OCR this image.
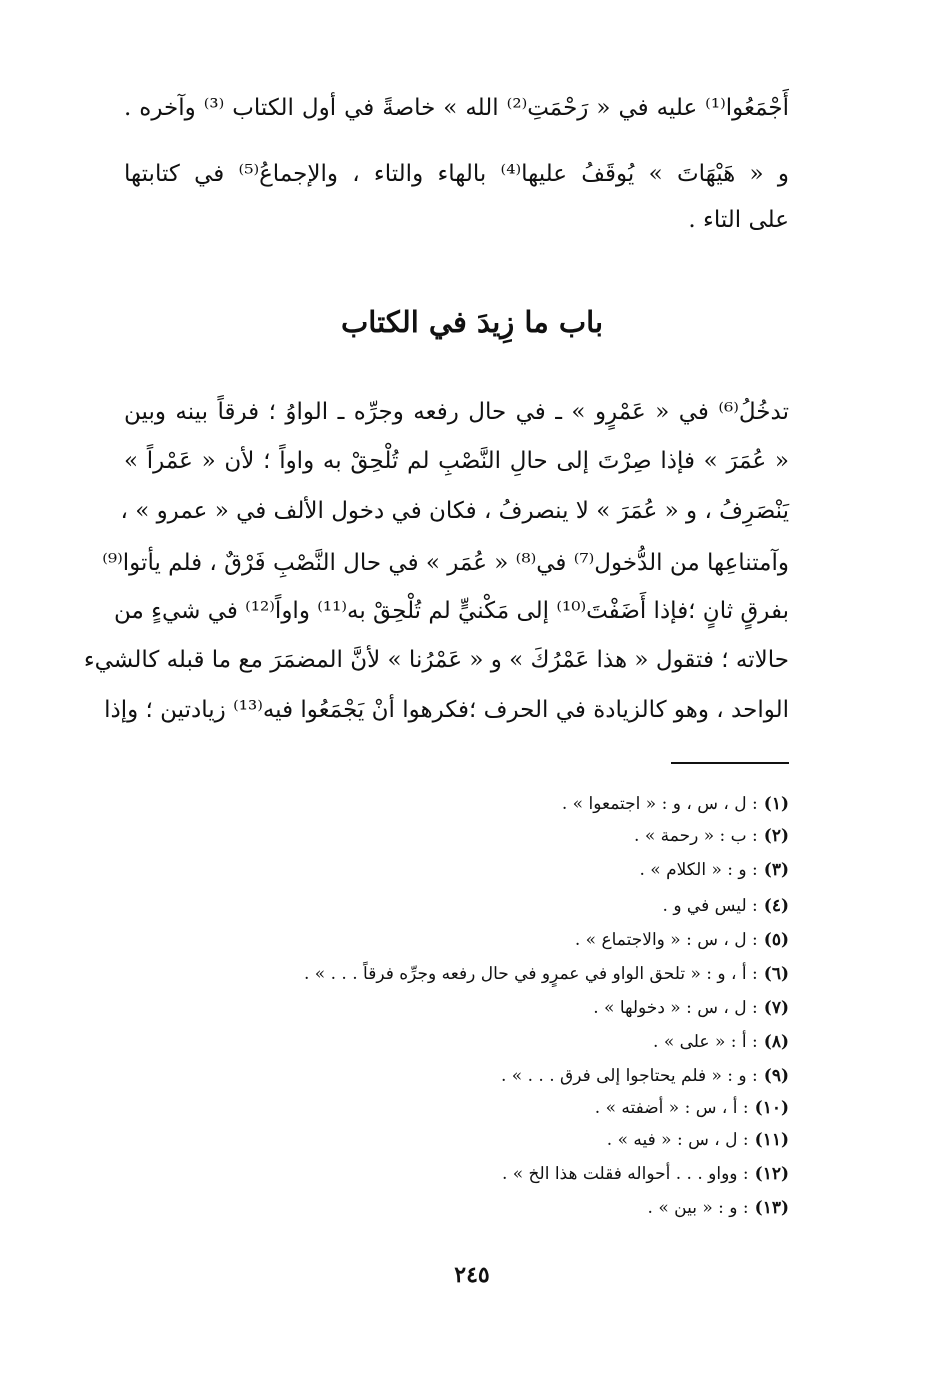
أَجْمَعُوا⁽¹⁾ عليه في « رَحْمَتِ⁽²⁾ الله » خاصةً في أول الكتاب ⁽³⁾ وآخره .
و « هَيْهَاتَ » يُوقَفُ عليها⁽⁴⁾ بالهاء والتاء ، والإجماعُ⁽⁵⁾ في كتابتها
على التاء .
باب ما زِيدَ في الكتاب
تدخُلُ⁽⁶⁾ في « عَمْرٍو » ـ في حال رفعه وجرِّه ـ الواوُ ؛ فرقاً بينه وبين
« عُمَرَ » فإذا صِرْتَ إلى حالِ النَّصْبِ لم تُلْحِقْ به واواً ؛ لأن « عَمْراً »
يَنْصَرِفُ ، و « عُمَرَ » لا ينصرفُ ، فكان في دخول الألف في « عمرو » ،
وآمتناعِها من الدُّخول⁽⁷⁾ في⁽⁸⁾ « عُمَر » في حال النَّصْبِ فَرْقٌ ، فلم يأتوا⁽⁹⁾
بفرقٍ ثانٍ ؛فإذا أَضَفْتَ⁽¹⁰⁾ إلى مَكْنيٍّ لم تُلْحِقْ به⁽¹¹⁾ واواً⁽¹²⁾ في شيءٍ من
حالاته ؛ فتقول « هذا عَمْرُكَ » و « عَمْرُنا » لأنَّ المضمَرَ مع ما قبله كالشيء
الواحد ، وهو كالزيادة في الحرف ؛فكرهوا أنْ يَجْمَعُوا فيه⁽¹³⁾ زيادتين ؛ وإذا
(١): ل ، س ، و : « اجتمعوا » .
(٢): ب : « رحمة » .
(٣): و : « الكلام » .
(٤): ليس في و .
(٥): ل ، س : « والاجتماع » .
(٦): أ ، و : « تلحق الواو في عمرٍو في حال رفعه وجرِّه فرقاً . . . » .
(٧): ل ، س : « دخولها » .
(٨): أ : « على » .
(٩): و : « فلم يحتاجوا إلى فرق . . . » .
(١٠): أ ، س : « أضفته » .
(١١): ل ، س : « فيه » .
(١٢): وواو . . . أحواله فقلت هذا الخ » .
(١٣): و : « بين » .
٢٤٥
